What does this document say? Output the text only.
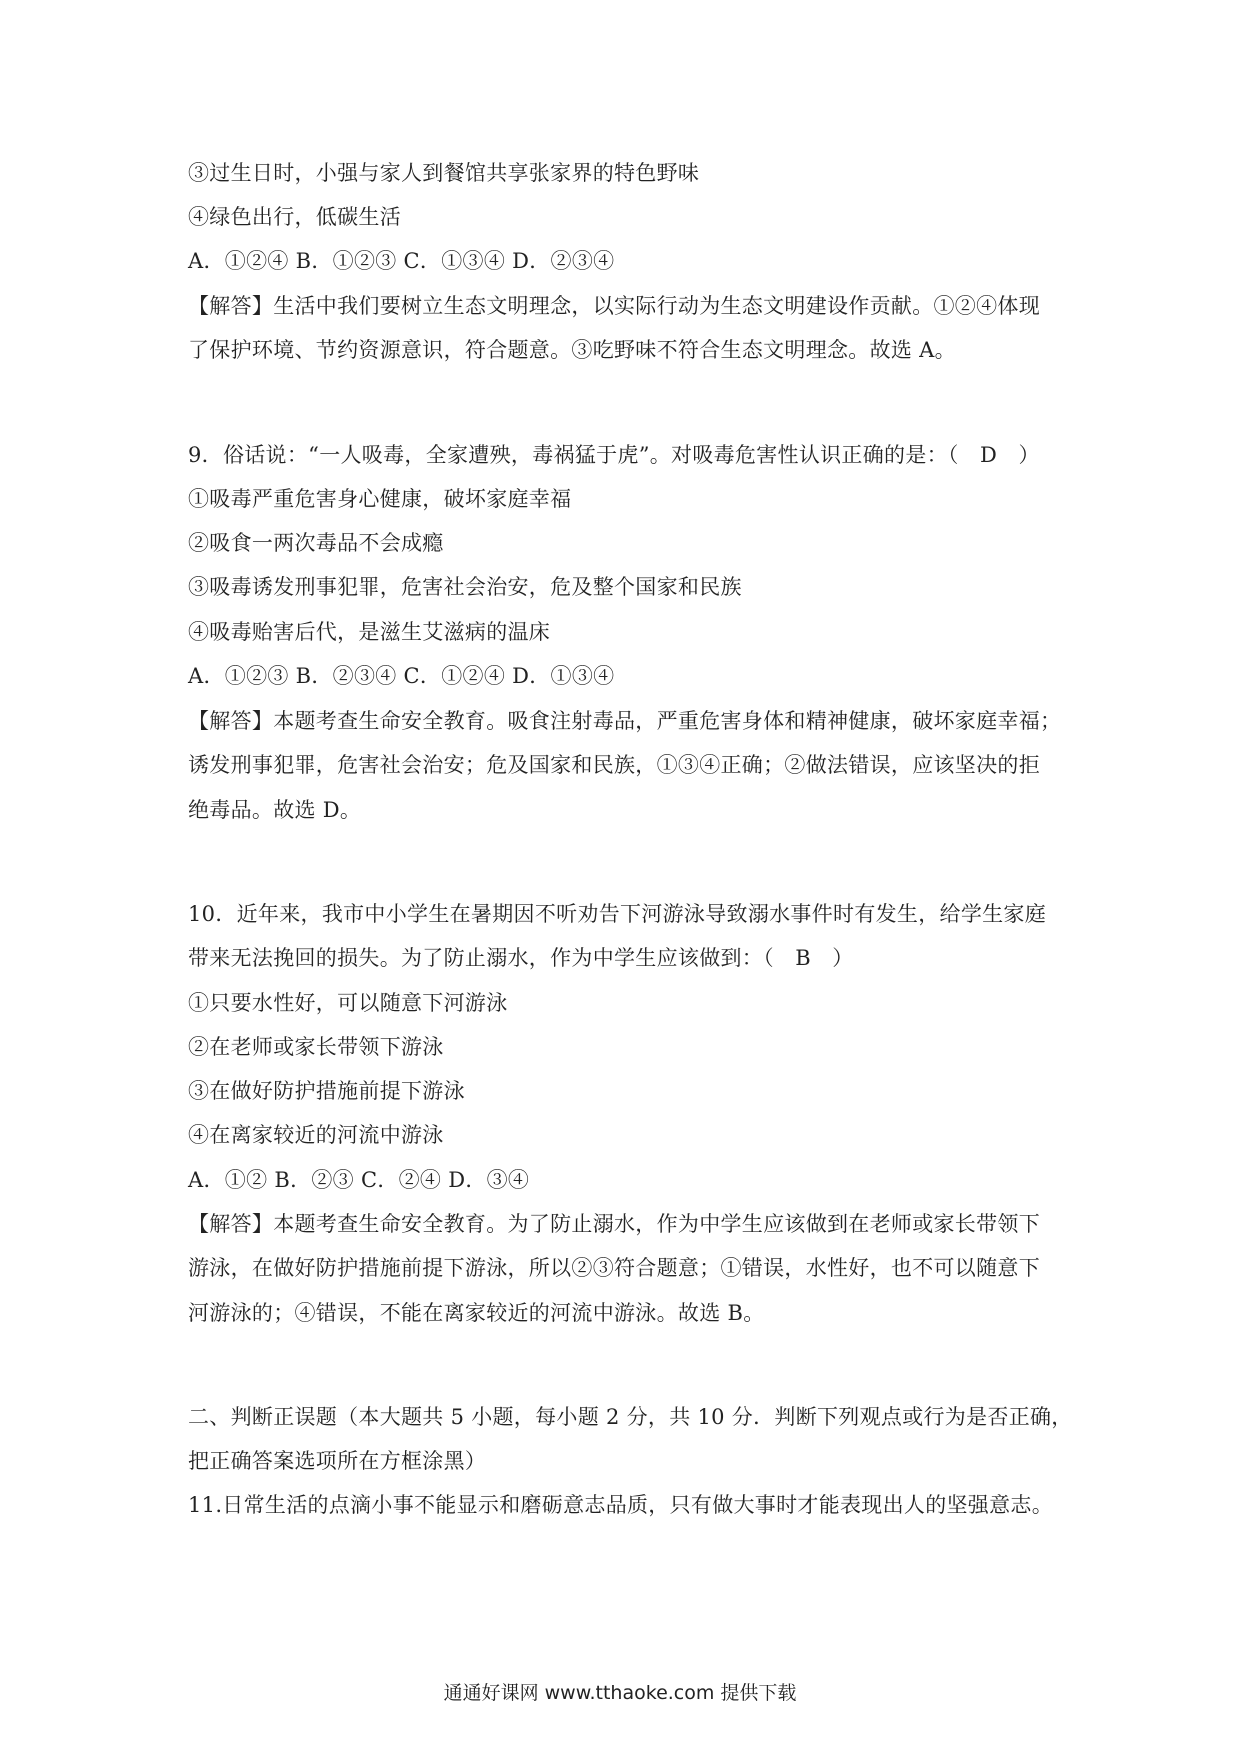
③过生日时，小强与家人到餐馆共享张家界的特色野味
④绿色出行，低碳生活
A．①②④ B．①②③ C．①③④ D．②③④
【解答】生活中我们要树立生态文明理念，以实际行动为生态文明建设作贡献。①②④体现
了保护环境、节约资源意识，符合题意。③吃野味不符合生态文明理念。故选 A。
9．俗话说：“一人吸毒，全家遭殃，毒祸猛于虎”。对吸毒危害性认识正确的是：（　D　）
①吸毒严重危害身心健康，破坏家庭幸福
②吸食一两次毒品不会成瘾
③吸毒诱发刑事犯罪，危害社会治安，危及整个国家和民族
④吸毒贻害后代，是滋生艾滋病的温床
A．①②③ B．②③④ C．①②④ D．①③④
【解答】本题考查生命安全教育。吸食注射毒品，严重危害身体和精神健康，破坏家庭幸福；
诱发刑事犯罪，危害社会治安；危及国家和民族，①③④正确；②做法错误，应该坚决的拒
绝毒品。故选 D。
10．近年来，我市中小学生在暑期因不听劝告下河游泳导致溺水事件时有发生，给学生家庭
带来无法挽回的损失。为了防止溺水，作为中学生应该做到：（　B　）
①只要水性好，可以随意下河游泳
②在老师或家长带领下游泳
③在做好防护措施前提下游泳
④在离家较近的河流中游泳
A．①② B．②③ C．②④ D．③④
【解答】本题考查生命安全教育。为了防止溺水，作为中学生应该做到在老师或家长带领下
游泳，在做好防护措施前提下游泳，所以②③符合题意；①错误，水性好，也不可以随意下
河游泳的；④错误，不能在离家较近的河流中游泳。故选 B。
二、判断正误题（本大题共 5 小题，每小题 2 分，共 10 分．判断下列观点或行为是否正确，
把正确答案选项所在方框涂黑）
11.日常生活的点滴小事不能显示和磨砺意志品质，只有做大事时才能表现出人的坚强意志。
通通好课网 www.tthaoke.com 提供下载
